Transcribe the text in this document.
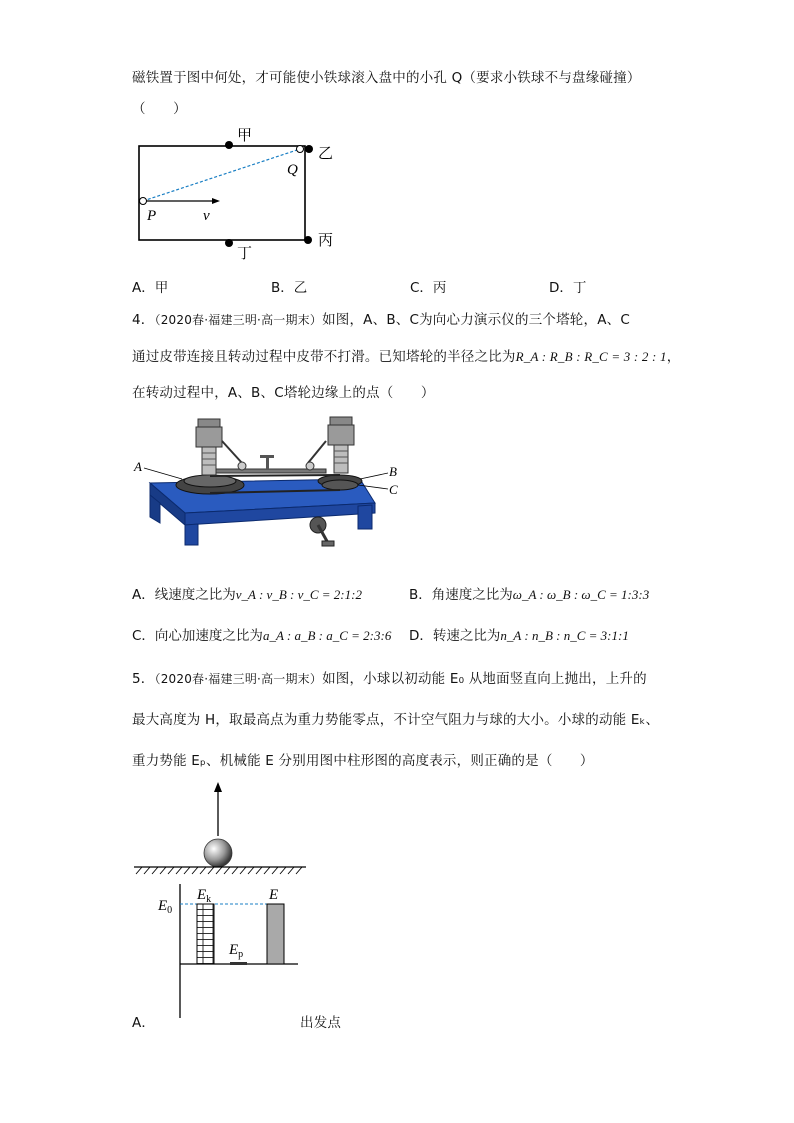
磁铁置于图中何处，才可能使小铁球滚入盘中的小孔 Q（要求小铁球不与盘缘碰撞）
（　　）
甲
乙
丙
丁
P
Q
v
A．甲	B．乙	C．丙	D．丁
4．（2020春·福建三明·高一期末）如图，A、B、C为向心力演示仪的三个塔轮，A、C
通过皮带连接且转动过程中皮带不打滑。已知塔轮的半径之比为R_A : R_B : R_C = 3 : 2 : 1，
在转动过程中，A、B、C塔轮边缘上的点（　　）
A	B
C
A．线速度之比为v_A : v_B : v_C = 2:1:2	B．角速度之比为ω_A : ω_B : ω_C = 1:3:3
C．向心加速度之比为a_A : a_B : a_C = 2:3:6 D．转速之比为n_A : n_B : n_C = 3:1:1
5．（2020春·福建三明·高一期末）如图，小球以初动能 E₀ 从地面竖直向上抛出，上升的
最大高度为 H，取最高点为重力势能零点，不计空气阻力与球的大小。小球的动能 Eₖ、
重力势能 Eₚ、机械能 E 分别用图中柱形图的高度表示，则正确的是（　　）
$E_0$
$E_k$	E
$E_p$
A．	出发点
